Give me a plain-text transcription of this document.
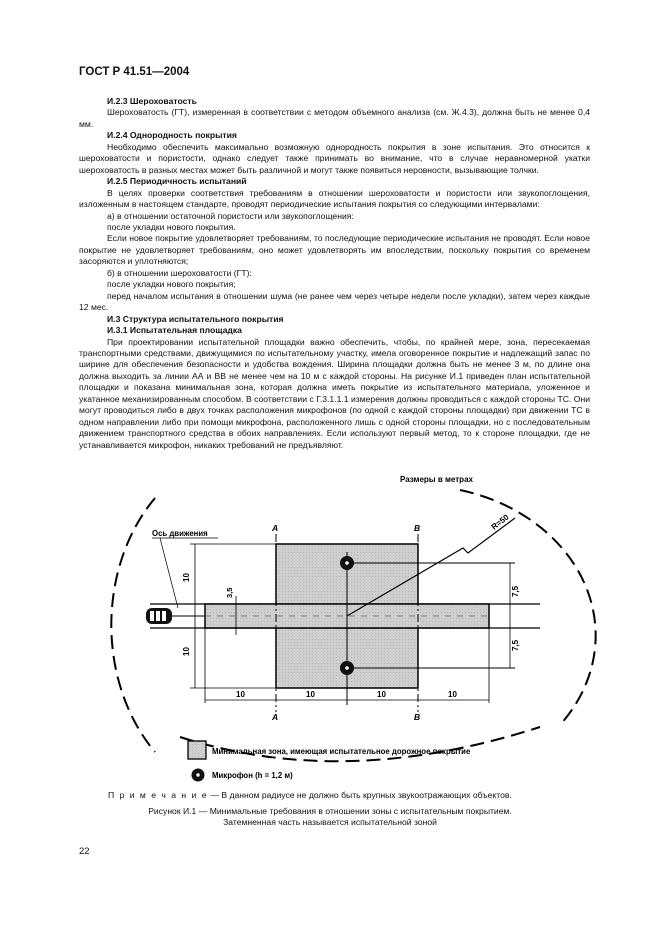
ГОСТ Р 41.51—2004

И.2.3 Шероховатость

Шероховатость (ГТ), измеренная в соответствии с методом объемного анализа (см. Ж.4.3), должна быть не менее 0,4 мм.

И.2.4 Однородность покрытия

Необходимо обеспечить максимально возможную однородность покрытия в зоне испытания. Это относится к шероховатости и пористости, однако следует также принимать во внимание, что в случае неравномерной укатки шероховатость в разных местах может быть различной и могут также появиться неровности, вызывающие толчки.

И.2.5 Периодичность испытаний

В целях проверки соответствия требованиям в отношении шероховатости и пористости или звукопоглощения, изложенным в настоящем стандарте, проводят периодические испытания покрытия со следующими интервалами:

а) в отношении остаточной пористости или звукопоглощения:

после укладки нового покрытия.

Если новое покрытие удовлетворяет требованиям, то последующие периодические испытания не проводят. Если новое покрытие не удовлетворяет требованиям, оно может удовлетворять им впоследствии, поскольку покрытия со временем засоряются и уплотняются;

б) в отношении шероховатости (ГТ):

после укладки нового покрытия;

перед началом испытания в отношении шума (не ранее чем через четыре недели после укладки), затем через каждые 12 мес.

И.3 Структура испытательного покрытия

И.3.1 Испытательная площадка

При проектировании испытательной площадки важно обеспечить, чтобы, по крайней мере, зона, пересекаемая транспортными средствами, движущимися по испытательному участку, имела оговоренное покрытие и надлежащий запас по ширине для обеспечения безопасности и удобства вождения. Ширина площадки должна быть не менее 3 м, по длине она должна выходить за линии АА и ВВ не менее чем на 10 м с каждой стороны. На рисунке И.1 приведен план испытательной площадки и показана минимальная зона, которая должна иметь покрытие из испытательного материала, уложенное и укатанное механизированным способом. В соответствии с Г.3.1.1.1 измерения должны проводиться с каждой стороны ТС. Они могут проводиться либо в двух точках расположения микрофонов (по одной с каждой стороны площадки) при движении ТС в одном направлении либо при помощи микрофона, расположенного лишь с одной стороны площадки, но с последовательным движением транспортного средства в обоих направлениях. Если используют первый метод, то к стороне площадки, где не устанавливается микрофон, никаких требований не предъявляют.

Размеры в метрах
А	В
А	В
R=50
10
10
3,5	7,5
7,5
10	10	10	10
Ось движения
Минимальная зона, имеющая испытательное дорожное покрытие
Микрофон (h = 1,2 м)
П р и м е ч а н и е — В данном радиусе не должно быть крупных звукоотражающих объектов.
Рисунок И.1 — Минимальные требования в отношении зоны с испытательным покрытием.
Затемненная часть называется испытательной зоной
22
